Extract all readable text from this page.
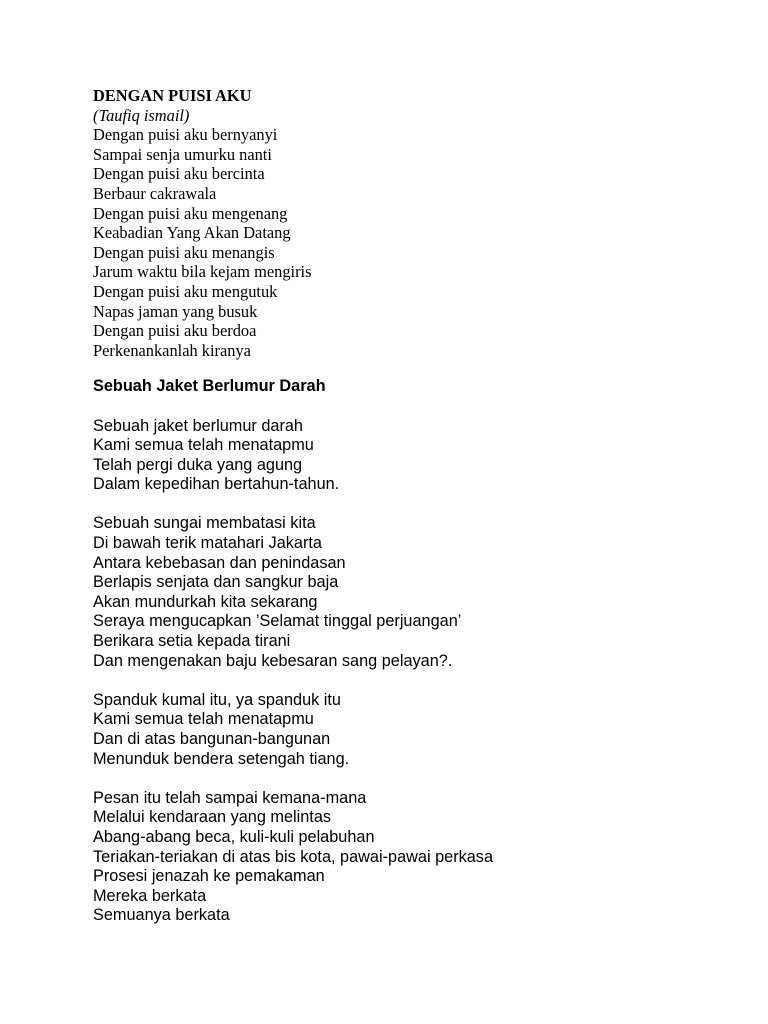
DENGAN PUISI AKU
(Taufiq ismail)
Dengan puisi aku bernyanyi
Sampai senja umurku nanti
Dengan puisi aku bercinta
Berbaur cakrawala
Dengan puisi aku mengenang
Keabadian Yang Akan Datang
Dengan puisi aku menangis
Jarum waktu bila kejam mengiris
Dengan puisi aku mengutuk
Napas jaman yang busuk
Dengan puisi aku berdoa
Perkenankanlah kiranya
Sebuah Jaket Berlumur Darah
Sebuah jaket berlumur darah
Kami semua telah menatapmu
Telah pergi duka yang agung
Dalam kepedihan bertahun-tahun.
Sebuah sungai membatasi kita
Di bawah terik matahari Jakarta
Antara kebebasan dan penindasan
Berlapis senjata dan sangkur baja
Akan mundurkah kita sekarang
Seraya mengucapkan ’Selamat tinggal perjuangan’
Berikara setia kepada tirani
Dan mengenakan baju kebesaran sang pelayan?.
Spanduk kumal itu, ya spanduk itu
Kami semua telah menatapmu
Dan di atas bangunan-bangunan
Menunduk bendera setengah tiang.
Pesan itu telah sampai kemana-mana
Melalui kendaraan yang melintas
Abang-abang beca, kuli-kuli pelabuhan
Teriakan-teriakan di atas bis kota, pawai-pawai perkasa
Prosesi jenazah ke pemakaman
Mereka berkata
Semuanya berkata
